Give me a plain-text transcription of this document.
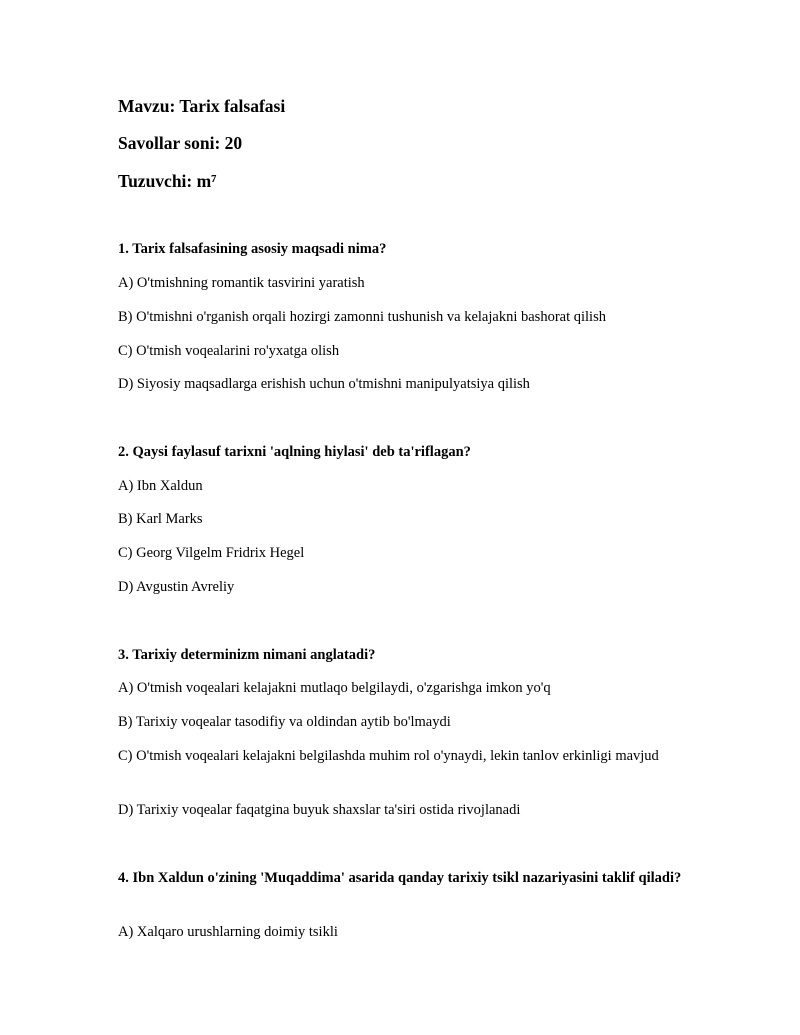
Mavzu: Tarix falsafasi
Savollar soni: 20
Tuzuvchi: m⁷
1. Tarix falsafasining asosiy maqsadi nima?
A) O'tmishning romantik tasvirini yaratish
B) O'tmishni o'rganish orqali hozirgi zamonni tushunish va kelajakni bashorat qilish
C) O'tmish voqealarini ro'yxatga olish
D) Siyosiy maqsadlarga erishish uchun o'tmishni manipulyatsiya qilish
2. Qaysi faylasuf tarixni 'aqlning hiylasi' deb ta'riflagan?
A) Ibn Xaldun
B) Karl Marks
C) Georg Vilgelm Fridrix Hegel
D) Avgustin Avreliy
3. Tarixiy determinizm nimani anglatadi?
A) O'tmish voqealari kelajakni mutlaqo belgilaydi, o'zgarishga imkon yo'q
B) Tarixiy voqealar tasodifiy va oldindan aytib bo'lmaydi
C) O'tmish voqealari kelajakni belgilashda muhim rol o'ynaydi, lekin tanlov erkinligi mavjud
D) Tarixiy voqealar faqatgina buyuk shaxslar ta'siri ostida rivojlanadi
4. Ibn Xaldun o'zining 'Muqaddima' asarida qanday tarixiy tsikl nazariyasini taklif qiladi?
A) Xalqaro urushlarning doimiy tsikli
